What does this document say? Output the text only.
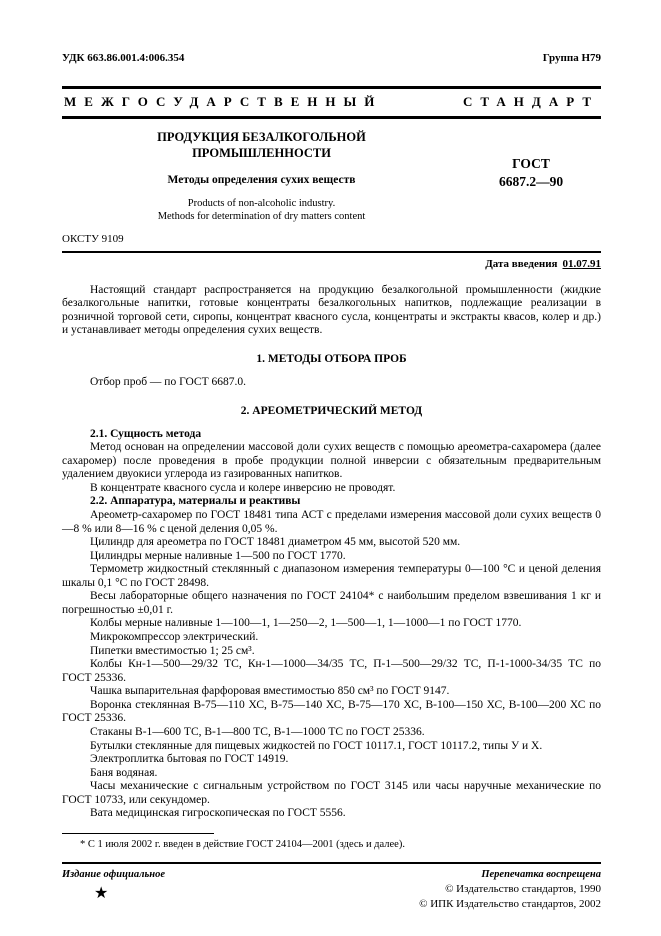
УДК 663.86.001.4:006.354	Группа Н79
МЕЖГОСУДАРСТВЕННЫЙ	СТАНДАРТ
ПРОДУКЦИЯ БЕЗАЛКОГОЛЬНОЙ
ПРОМЫШЛЕННОСТИ
Методы определения сухих веществ
Products of non-alcoholic industry.
Methods for determination of dry matters content
ГОСТ
6687.2—90
ОКСТУ 9109
Дата введения 01.07.91

Настоящий стандарт распространяется на продукцию безалкогольной промышленности (жидкие безалкогольные напитки, готовые концентраты безалкогольных напитков, подлежащие реализации в розничной торговой сети, сиропы, концентрат квасного сусла, концентраты и экстракты квасов, колер и др.) и устанавливает методы определения сухих веществ.

1. МЕТОДЫ ОТБОРА ПРОБ

Отбор проб — по ГОСТ 6687.0.

2. АРЕОМЕТРИЧЕСКИЙ МЕТОД

2.1. Сущность метода

Метод основан на определении массовой доли сухих веществ с помощью ареометра-сахаромера (далее сахаромер) после проведения в пробе продукции полной инверсии с обязательным предварительным удалением двуокиси углерода из газированных напитков.

В концентрате квасного сусла и колере инверсию не проводят.

2.2. Аппаратура, материалы и реактивы

Ареометр-сахаромер по ГОСТ 18481 типа АСТ с пределами измерения массовой доли сухих веществ 0—8 % или 8—16 % с ценой деления 0,05 %.

Цилиндр для ареометра по ГОСТ 18481 диаметром 45 мм, высотой 520 мм.

Цилиндры мерные наливные 1—500 по ГОСТ 1770.

Термометр жидкостный стеклянный с диапазоном измерения температуры 0—100 °С и ценой деления шкалы 0,1 °С по ГОСТ 28498.

Весы лабораторные общего назначения по ГОСТ 24104* с наибольшим пределом взвешивания 1 кг и погрешностью ±0,01 г.

Колбы мерные наливные 1—100—1, 1—250—2, 1—500—1, 1—1000—1 по ГОСТ 1770.

Микрокомпрессор электрический.

Пипетки вместимостью 1; 25 см³.

Колбы Кн-1—500—29/32 ТС, Кн-1—1000—34/35 ТС, П-1—500—29/32 ТС, П-1-1000-34/35 ТС по ГОСТ 25336.

Чашка выпарительная фарфоровая вместимостью 850 см³ по ГОСТ 9147.

Воронка стеклянная В-75—110 ХС, В-75—140 ХС, В-75—170 ХС, В-100—150 ХС, В-100—200 ХС по ГОСТ 25336.

Стаканы В-1—600 ТС, В-1—800 ТС, В-1—1000 ТС по ГОСТ 25336.

Бутылки стеклянные для пищевых жидкостей по ГОСТ 10117.1, ГОСТ 10117.2, типы У и Х.

Электроплитка бытовая по ГОСТ 14919.

Баня водяная.

Часы механические с сигнальным устройством по ГОСТ 3145 или часы наручные механические по ГОСТ 10733, или секундомер.

Вата медицинская гигроскопическая по ГОСТ 5556.

* С 1 июля 2002 г. введен в действие ГОСТ 24104—2001 (здесь и далее).

Издание официальное	Перепечатка воспрещена
★	© Издательство стандартов, 1990
© ИПК Издательство стандартов, 2002
